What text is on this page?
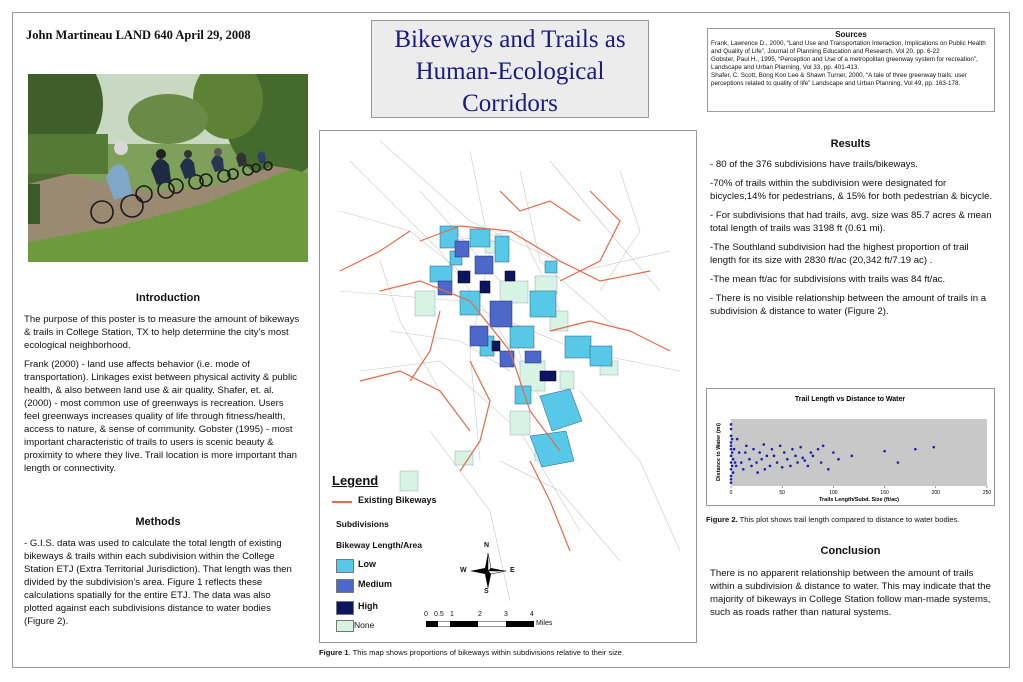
John Martineau LAND 640 April 29, 2008	Bikeways and Trails as
Human-Ecological
Corridors
Sources

Frank, Lawrence D., 2000, “Land Use and Transportation Interaction, Implications on Public Health and Quality of Life”, Journal of Planning Education and Research, Vol 20, pp. 6-22

Gobster, Paul H., 1995, “Perception and Use of a metropolitan greenway system for recreation”, Landscape and Urban Planning, Vol 33, pp. 401-413.

Shafer, C. Scott, Bong Koo Lee & Shawn Turner, 2000, “A tale of three greenway trails: user perceptions related to quality of life” Landscape and Urban Planning, Vol 49, pp. 163-178.

Introduction

The purpose of this poster is to measure the amount of bikeways & trails in College Station, TX to help determine the city’s most ecological neighborhood.

Frank (2000) - land use affects behavior (i.e. mode of transportation). Linkages exist between physical activity & public health, & also between land use & air quality. Shafer, et. al. (2000) - most common use of greenways is recreation. Users feel greenways increases quality of life through fitness/health, access to nature, & sense of community. Gobster (1995) - most important characteristic of trails to users is scenic beauty & proximity to where they live. Trail location is more important than length or connectivity.

Methods

- G.I.S. data was used to calculate the total length of existing bikeways & trails within each subdivision within the College Station ETJ (Extra Territorial Jurisdiction). That length was then divided by the subdivision’s area. Figure 1 reflects these calculations spatially for the entire ETJ. The data was also plotted against each subdivisions distance to water bodies (Figure 2).

Legend
Existing Bikeways
Subdivisions
Bikeway Length/Area
Low
Medium
High
None
N
S
W	E
0 0.5 1	2	3	4
Miles
Figure 1. This map shows proportions of bikeways within subdivisions relative to their size.
Results

- 80 of the 376 subdivisions have trails/bikeways.

-70% of trails within the subdivision were designated for bicycles,14% for pedestrians, & 15% for both pedestrian & bicycle.

- For subdivisions that had trails, avg. size was 85.7 acres & mean total length of trails was 3198 ft (0.61 mi).

-The Southland subdivision had the highest proportion of trail length for its size with 2830 ft/ac (20,342 ft/7.19 ac) .

-The mean ft/ac for subdivisions with trails was 84 ft/ac.

- There is no visible relationship between the amount of trails in a subdivision & distance to water (Figure 2).

Trail Length vs Distance to Water
Distance to Water (mi)
Trails Length/Subd. Size (ft/ac)
0	50	100	150	200	250
Figure 2. This plot shows trail length compared to distance to water bodies.
Conclusion

There is no apparent relationship between the amount of trails within a subdivision & distance to water. This may indicate that the majority of bikeways in College Station follow man-made systems, such as roads rather than natural systems.
